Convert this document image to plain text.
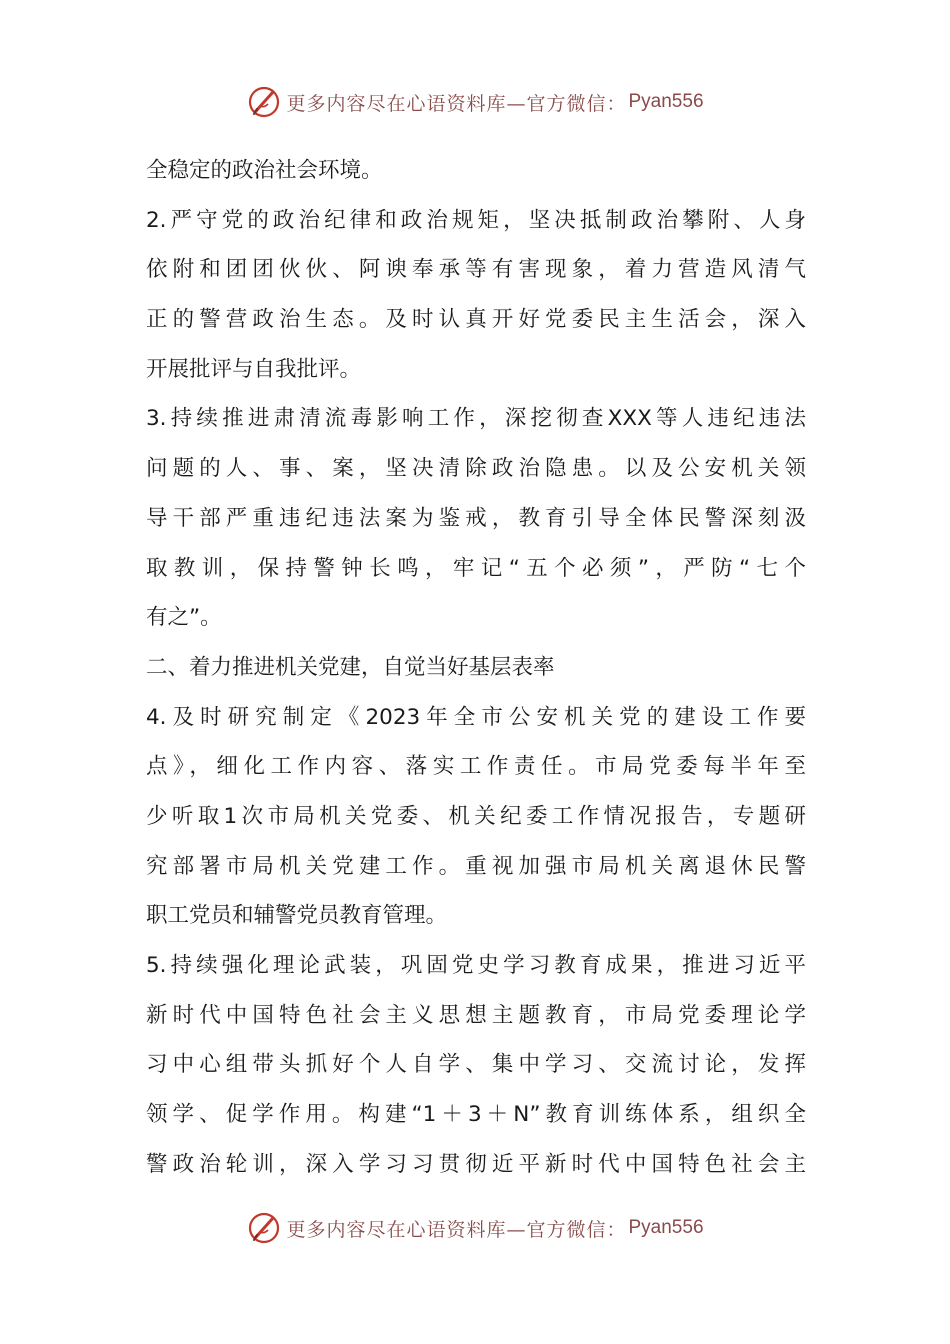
更多内容尽在心语资料库—官方微信： Pyan556
全稳定的政治社会环境。
2.严守党的政治纪律和政治规矩，坚决抵制政治攀附、人身
依附和团团伙伙、阿谀奉承等有害现象，着力营造风清气
正的警营政治生态。及时认真开好党委民主生活会，深入
开展批评与自我批评。
3.持续推进肃清流毒影响工作，深挖彻查XXX等人违纪违法
问题的人、事、案，坚决清除政治隐患。以及公安机关领
导干部严重违纪违法案为鉴戒，教育引导全体民警深刻汲
取教训，保持警钟长鸣，牢记“五个必须”，严防“七个
有之”。
二、着力推进机关党建，自觉当好基层表率
4.及时研究制定《2023年全市公安机关党的建设工作要
点》，细化工作内容、落实工作责任。市局党委每半年至
少听取1次市局机关党委、机关纪委工作情况报告，专题研
究部署市局机关党建工作。重视加强市局机关离退休民警
职工党员和辅警党员教育管理。
5.持续强化理论武装，巩固党史学习教育成果，推进习近平
新时代中国特色社会主义思想主题教育，市局党委理论学
习中心组带头抓好个人自学、集中学习、交流讨论，发挥
领学、促学作用。构建“1＋3＋N”教育训练体系，组织全
警政治轮训，深入学习习贯彻近平新时代中国特色社会主
更多内容尽在心语资料库—官方微信： Pyan556
